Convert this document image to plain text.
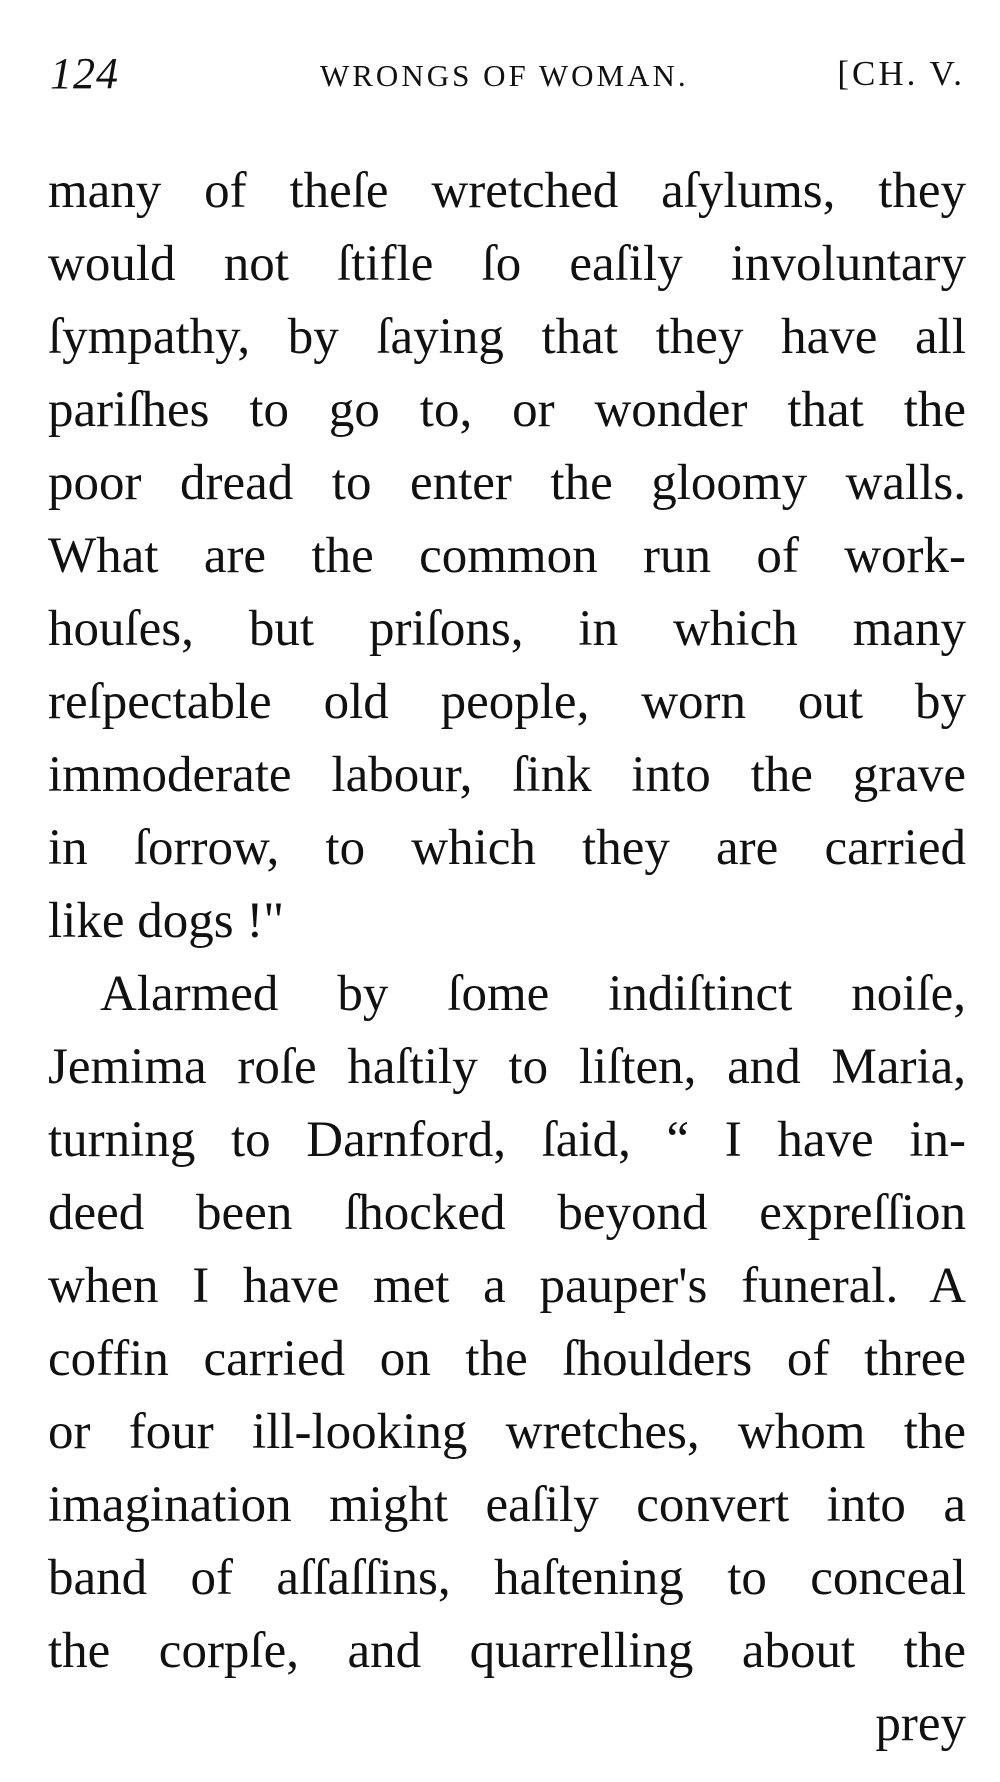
124	WRONGS OF WOMAN.	[CH. V.
many of theſe wretched aſylums, they
would not ſtifle ſo eaſily involuntary
ſympathy, by ſaying that they have all
pariſhes to go to, or wonder that the
poor dread to enter the gloomy walls.
What are the common run of work-
houſes, but priſons, in which many
reſpectable old people, worn out by
immoderate labour, ſink into the grave
in ſorrow, to which they are carried
like dogs !"
Alarmed by ſome indiſtinct noiſe,
Jemima roſe haſtily to liſten, and Maria,
turning to Darnford, ſaid, “ I have in-
deed been ſhocked beyond expreſſion
when I have met a pauper's funeral. A
coffin carried on the ſhoulders of three
or four ill-looking wretches, whom the
imagination might eaſily convert into a
band of aſſaſſins, haſtening to conceal
the corpſe, and quarrelling about the
prey
